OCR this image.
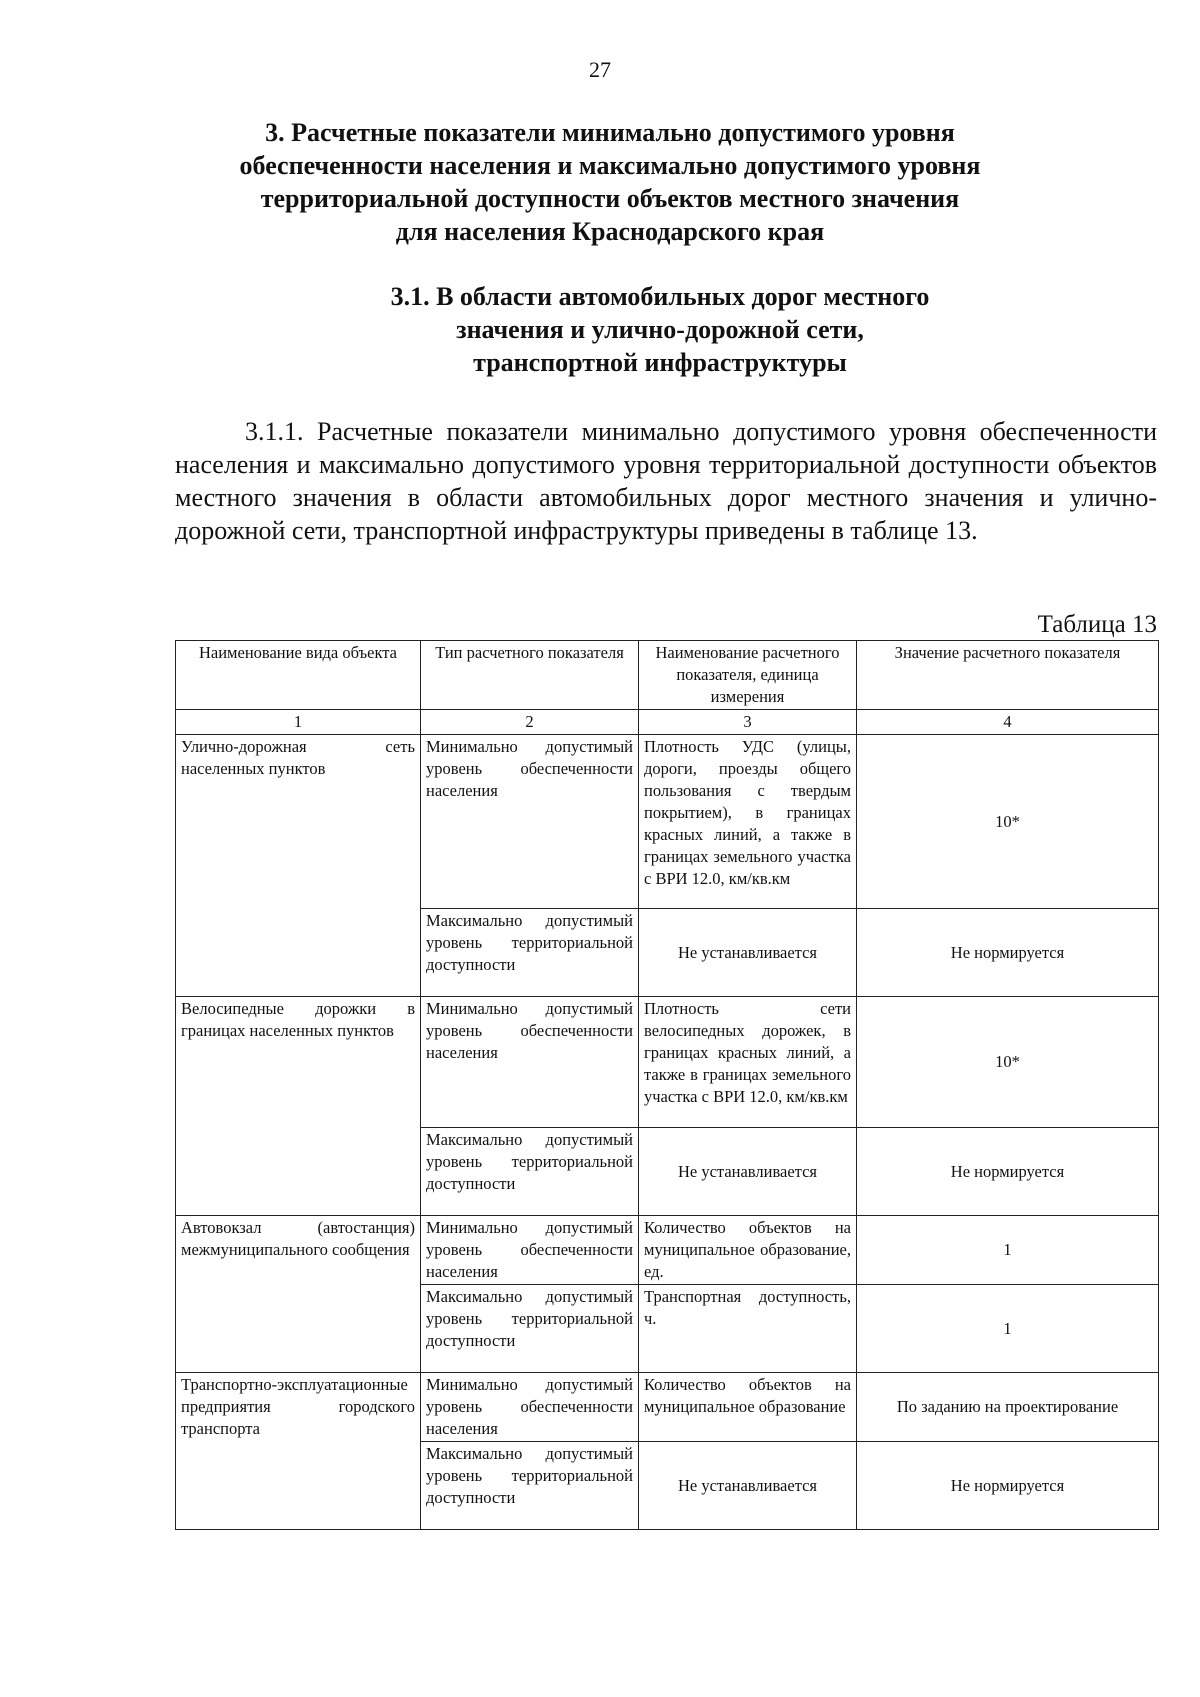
27
3. Расчетные показатели минимально допустимого уровня
обеспеченности населения и максимально допустимого уровня
территориальной доступности объектов местного значения
для населения Краснодарского края
3.1. В области автомобильных дорог местного
значения и улично-дорожной сети,
транспортной инфраструктуры

3.1.1. Расчетные показатели минимально допустимого уровня обеспеченности населения и максимально допустимого уровня территориальной доступности объектов местного значения в области автомобильных дорог местного значения и улично-дорожной сети, транспортной инфраструктуры приведены в таблице 13.

Таблица 13
Наименование вида объекта	Тип расчетного показателя	Наименование расчетного показателя, единица измерения	Значение расчетного показателя
1	2	3	4
Улично-дорожная сеть населенных пунктов	Минимально допустимый уровень обеспеченности населения	Плотность УДС (улицы, дороги, проезды общего пользования с твердым покрытием), в границах красных линий, а также в границах земельного участка с ВРИ 12.0, км/кв.км	10*
	Максимально допустимый уровень территориальной доступности	Не устанавливается	Не нормируется
Велосипедные дорожки в границах населенных пунктов	Минимально допустимый уровень обеспеченности населения	Плотность сети велосипедных дорожек, в границах красных линий, а также в границах земельного участка с ВРИ 12.0, км/кв.км	10*
	Максимально допустимый уровень территориальной доступности	Не устанавливается	Не нормируется
Автовокзал (автостанция) межмуниципального сообщения	Минимально допустимый уровень обеспеченности населения	Количество объектов на муниципальное образование, ед.	1
	Максимально допустимый уровень территориальной доступности	Транспортная доступность, ч.	1
Транспортно-эксплуатационные предприятия городского транспорта	Минимально допустимый уровень обеспеченности населения	Количество объектов на муниципальное образование	По заданию на проектирование
	Максимально допустимый уровень территориальной доступности	Не устанавливается	Не нормируется
